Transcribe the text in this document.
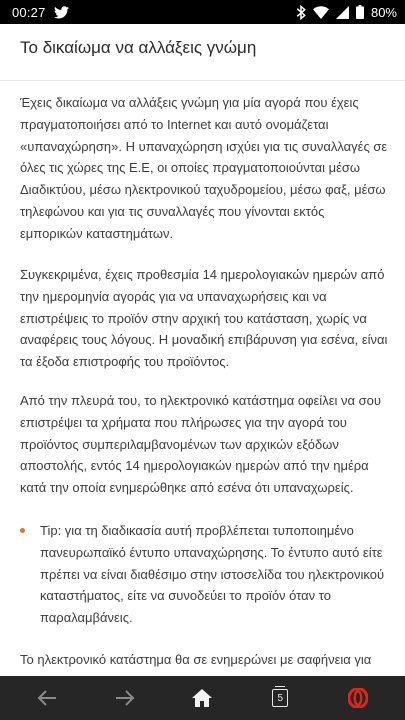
00:27	80%
Το δικαίωμα να αλλάξεις γνώμη

Έχεις δικαίωμα να αλλάξεις γνώμη για μία αγορά που έχεις πραγματοποιήσει από το Internet και αυτό ονομάζεται «υπαναχώρηση». Η υπαναχώρηση ισχύει για τις συναλλαγές σε όλες τις χώρες της Ε.Ε, οι οποίες πραγματοποιούνται μέσω Διαδικτύου, μέσω ηλεκτρονικού ταχυδρομείου, μέσω φαξ, μέσω τηλεφώνου και για τις συναλλαγές που γίνονται εκτός εμπορικών καταστημάτων.

Συγκεκριμένα, έχεις προθεσμία 14 ημερολογιακών ημερών από την ημερομηνία αγοράς για να υπαναχωρήσεις και να επιστρέψεις το προϊόν στην αρχική του κατάσταση, χωρίς να αναφέρεις τους λόγους. Η μοναδική επιβάρυνση για εσένα, είναι τα έξοδα επιστροφής του προϊόντος.

Από την πλευρά του, το ηλεκτρονικό κατάστημα οφείλει να σου επιστρέψει τα χρήματα που πλήρωσες για την αγορά του προϊόντος συμπεριλαμβανομένων των αρχικών εξόδων αποστολής, εντός 14 ημερολογιακών ημερών από την ημέρα κατά την οποία ενημερώθηκε από εσένα ότι υπαναχωρείς.

Tip: για τη διαδικασία αυτή προβλέπεται τυποποιημένο πανευρωπαϊκό έντυπο υπαναχώρησης. Το έντυπο αυτό είτε πρέπει να είναι διαθέσιμο στην ιστοσελίδα του ηλεκτρονικού καταστήματος, είτε να συνοδεύει το προϊόν όταν το παραλαμβάνεις.

Το ηλεκτρονικό κατάστημα θα σε ενημερώνει με σαφήνεια για

5
